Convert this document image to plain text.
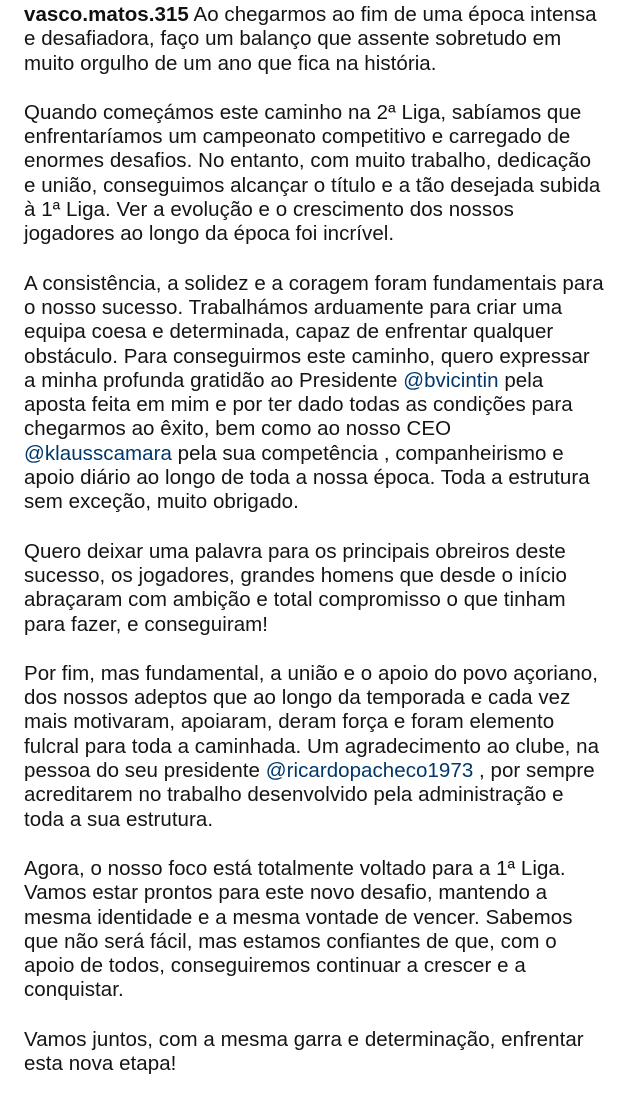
vasco.matos.315 Ao chegarmos ao fim de uma época intensa e desafiadora, faço um balanço que assente sobretudo em muito orgulho de um ano que fica na história.

Quando começámos este caminho na 2ª Liga, sabíamos que enfrentaríamos um campeonato competitivo e carregado de enormes desafios. No entanto, com muito trabalho, dedicação e união, conseguimos alcançar o título e a tão desejada subida à 1ª Liga. Ver a evolução e o crescimento dos nossos jogadores ao longo da época foi incrível.

A consistência, a solidez e a coragem foram fundamentais para o nosso sucesso. Trabalhámos arduamente para criar uma equipa coesa e determinada, capaz de enfrentar qualquer obstáculo. Para conseguirmos este caminho, quero expressar a minha profunda gratidão ao Presidente @bvicintin pela aposta feita em mim e por ter dado todas as condições para chegarmos ao êxito, bem como ao nosso CEO @klausscamara pela sua competência , companheirismo e apoio diário ao longo de toda a nossa época. Toda a estrutura sem exceção, muito obrigado.

Quero deixar uma palavra para os principais obreiros deste sucesso, os jogadores, grandes homens que desde o início abraçaram com ambição e total compromisso o que tinham para fazer, e conseguiram!

Por fim, mas fundamental, a união e o apoio do povo açoriano, dos nossos adeptos que ao longo da temporada e cada vez mais motivaram, apoiaram, deram força e foram elemento fulcral para toda a caminhada. Um agradecimento ao clube, na pessoa do seu presidente @ricardopacheco1973 , por sempre acreditarem no trabalho desenvolvido pela administração e toda a sua estrutura.

Agora, o nosso foco está totalmente voltado para a 1ª Liga. Vamos estar prontos para este novo desafio, mantendo a mesma identidade e a mesma vontade de vencer. Sabemos que não será fácil, mas estamos confiantes de que, com o apoio de todos, conseguiremos continuar a crescer e a conquistar.

Vamos juntos, com a mesma garra e determinação, enfrentar esta nova etapa!
